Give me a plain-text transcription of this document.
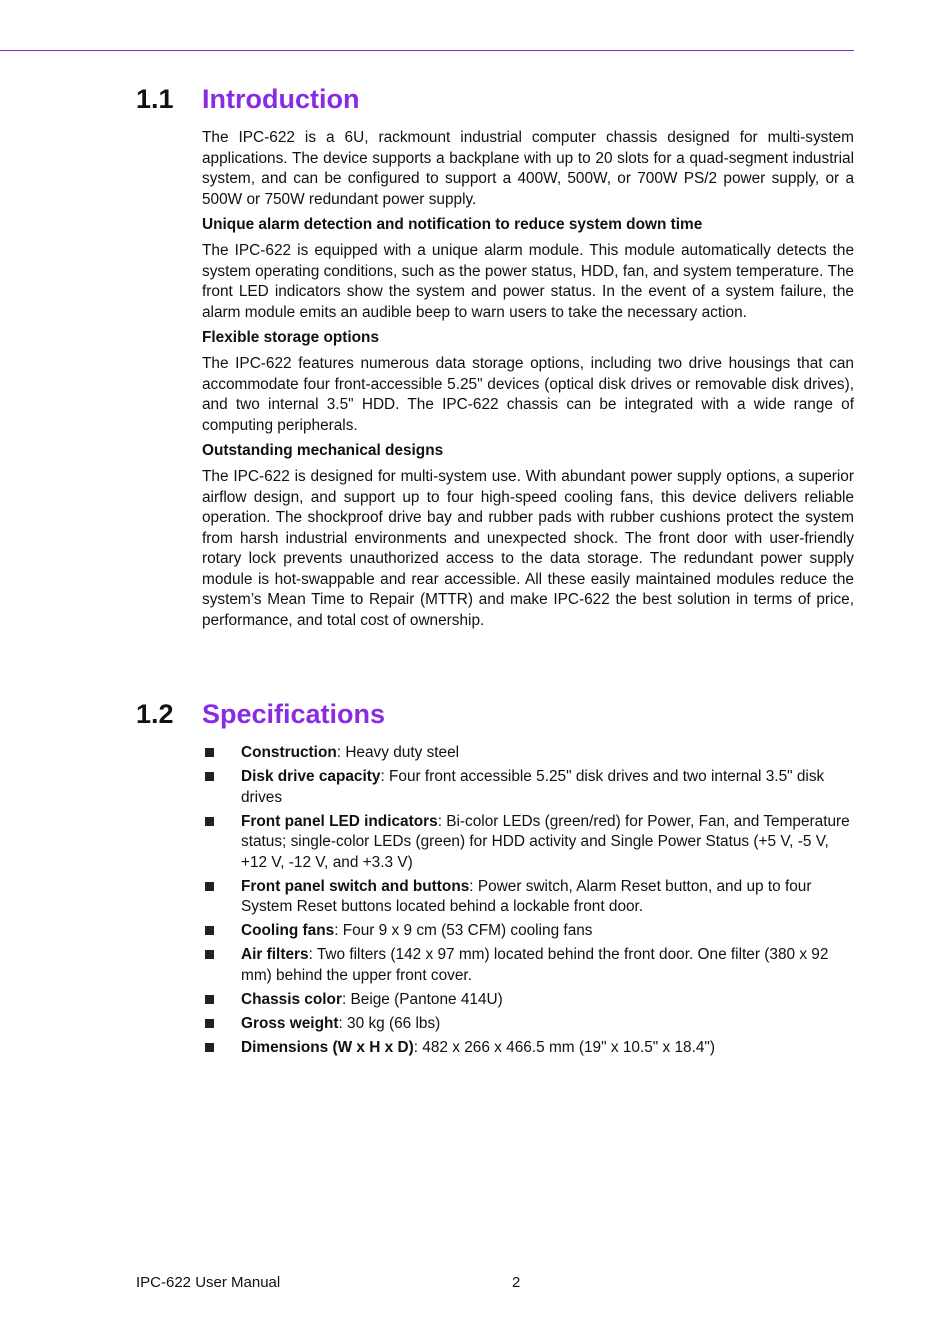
1.1 Introduction

The IPC-622 is a 6U, rackmount industrial computer chassis designed for multi-system applications. The device supports a backplane with up to 20 slots for a quad-segment industrial system, and can be configured to support a 400W, 500W, or 700W PS/2 power supply, or a 500W or 750W redundant power supply.

Unique alarm detection and notification to reduce system down time

The IPC-622 is equipped with a unique alarm module. This module automatically detects the system operating conditions, such as the power status, HDD, fan, and system temperature. The front LED indicators show the system and power status. In the event of a system failure, the alarm module emits an audible beep to warn users to take the necessary action.

Flexible storage options

The IPC-622 features numerous data storage options, including two drive housings that can accommodate four front-accessible 5.25" devices (optical disk drives or removable disk drives), and two internal 3.5" HDD. The IPC-622 chassis can be integrated with a wide range of computing peripherals.

Outstanding mechanical designs

The IPC-622 is designed for multi-system use. With abundant power supply options, a superior airflow design, and support up to four high-speed cooling fans, this device delivers reliable operation. The shockproof drive bay and rubber pads with rubber cushions protect the system from harsh industrial environments and unexpected shock. The front door with user-friendly rotary lock prevents unauthorized access to the data storage. The redundant power supply module is hot-swappable and rear accessible. All these easily maintained modules reduce the system’s Mean Time to Repair (MTTR) and make IPC-622 the best solution in terms of price, performance, and total cost of ownership.

1.2 Specifications
Construction: Heavy duty steel
Disk drive capacity: Four front accessible 5.25" disk drives and two internal 3.5" disk drives
Front panel LED indicators: Bi-color LEDs (green/red) for Power, Fan, and Temperature status; single-color LEDs (green) for HDD activity and Single Power Status (+5 V, -5 V, +12 V, -12 V, and +3.3 V)
Front panel switch and buttons: Power switch, Alarm Reset button, and up to four System Reset buttons located behind a lockable front door.
Cooling fans: Four 9 x 9 cm (53 CFM) cooling fans
Air filters: Two filters (142 x 97 mm) located behind the front door. One filter (380 x 92 mm) behind the upper front cover.
Chassis color: Beige (Pantone 414U)
Gross weight: 30 kg (66 lbs)
Dimensions (W x H x D): 482 x 266 x 466.5 mm (19" x 10.5" x 18.4")
IPC-622 User Manual	2
